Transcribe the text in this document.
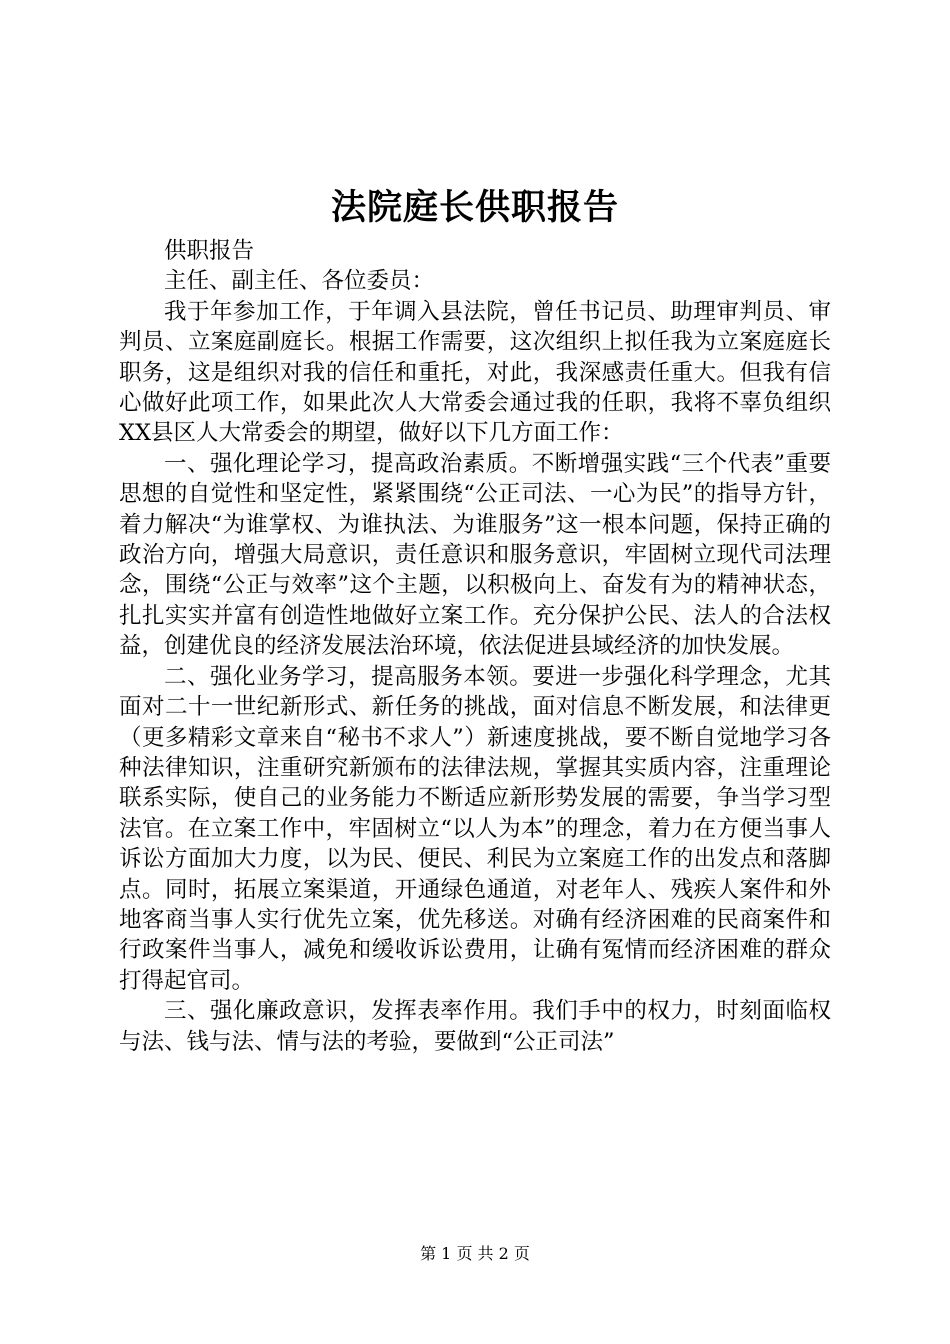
法院庭长供职报告

供职报告

主任、副主任、各位委员：

我于年参加工作，于年调入县法院，曾任书记员、助理审判员、审判员、立案庭副庭长。根据工作需要，这次组织上拟任我为立案庭庭长职务，这是组织对我的信任和重托，对此，我深感责任重大。但我有信心做好此项工作，如果此次人大常委会通过我的任职，我将不辜负组织XX县区人大常委会的期望，做好以下几方面工作：

一、强化理论学习，提高政治素质。不断增强实践“三个代表”重要思想的自觉性和坚定性，紧紧围绕“公正司法、一心为民”的指导方针，着力解决“为谁掌权、为谁执法、为谁服务”这一根本问题，保持正确的政治方向，增强大局意识，责任意识和服务意识，牢固树立现代司法理念，围绕“公正与效率”这个主题，以积极向上、奋发有为的精神状态，扎扎实实并富有创造性地做好立案工作。充分保护公民、法人的合法权益，创建优良的经济发展法治环境，依法促进县域经济的加快发展。

二、强化业务学习，提高服务本领。要进一步强化科学理念，尤其面对二十一世纪新形式、新任务的挑战，面对信息不断发展，和法律更（更多精彩文章来自“秘书不求人”）新速度挑战，要不断自觉地学习各种法律知识，注重研究新颁布的法律法规，掌握其实质内容，注重理论联系实际，使自己的业务能力不断适应新形势发展的需要，争当学习型法官。在立案工作中，牢固树立“以人为本”的理念，着力在方便当事人诉讼方面加大力度，以为民、便民、利民为立案庭工作的出发点和落脚点。同时，拓展立案渠道，开通绿色通道，对老年人、残疾人案件和外地客商当事人实行优先立案，优先移送。对确有经济困难的民商案件和行政案件当事人，减免和缓收诉讼费用，让确有冤情而经济困难的群众打得起官司。

三、强化廉政意识，发挥表率作用。我们手中的权力，时刻面临权与法、钱与法、情与法的考验，要做到“公正司法”

第 1 页 共 2 页
